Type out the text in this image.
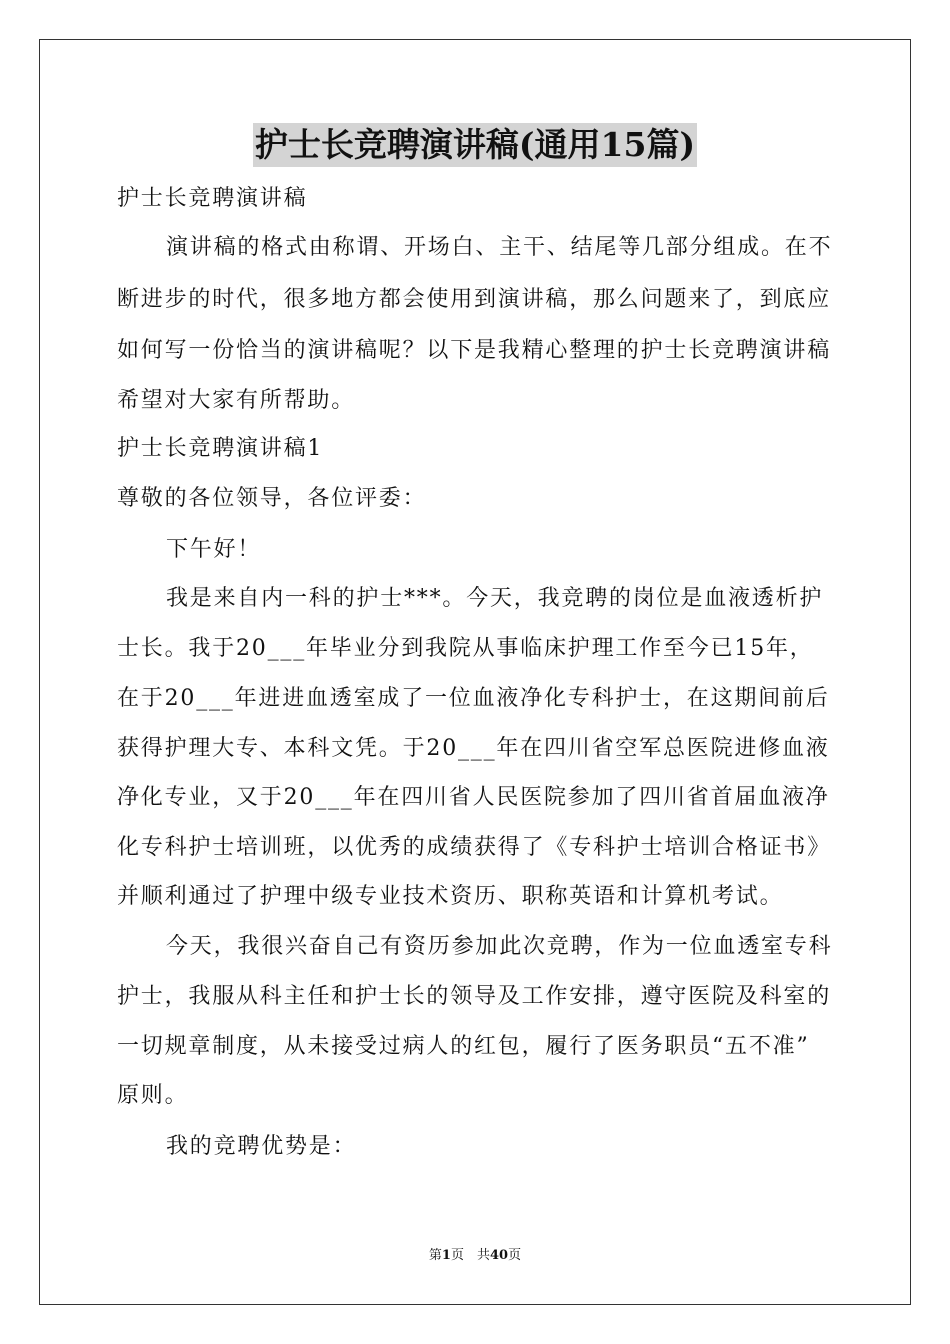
护士长竞聘演讲稿(通用15篇)
护士长竞聘演讲稿
演讲稿的格式由称谓、开场白、主干、结尾等几部分组成。在不
断进步的时代，很多地方都会使用到演讲稿，那么问题来了，到底应
如何写一份恰当的演讲稿呢？以下是我精心整理的护士长竞聘演讲稿
希望对大家有所帮助。
护士长竞聘演讲稿1
尊敬的各位领导，各位评委：
下午好！
我是来自内一科的护士***。今天，我竞聘的岗位是血液透析护
士长。我于20___年毕业分到我院从事临床护理工作至今已15年，
在于20___年进进血透室成了一位血液净化专科护士，在这期间前后
获得护理大专、本科文凭。于20___年在四川省空军总医院进修血液
净化专业，又于20___年在四川省人民医院参加了四川省首届血液净
化专科护士培训班，以优秀的成绩获得了《专科护士培训合格证书》
并顺利通过了护理中级专业技术资历、职称英语和计算机考试。
今天，我很兴奋自己有资历参加此次竞聘，作为一位血透室专科
护士，我服从科主任和护士长的领导及工作安排，遵守医院及科室的
一切规章制度，从未接受过病人的红包，履行了医务职员“五不准”
原则。
我的竞聘优势是：
第1页　共40页
